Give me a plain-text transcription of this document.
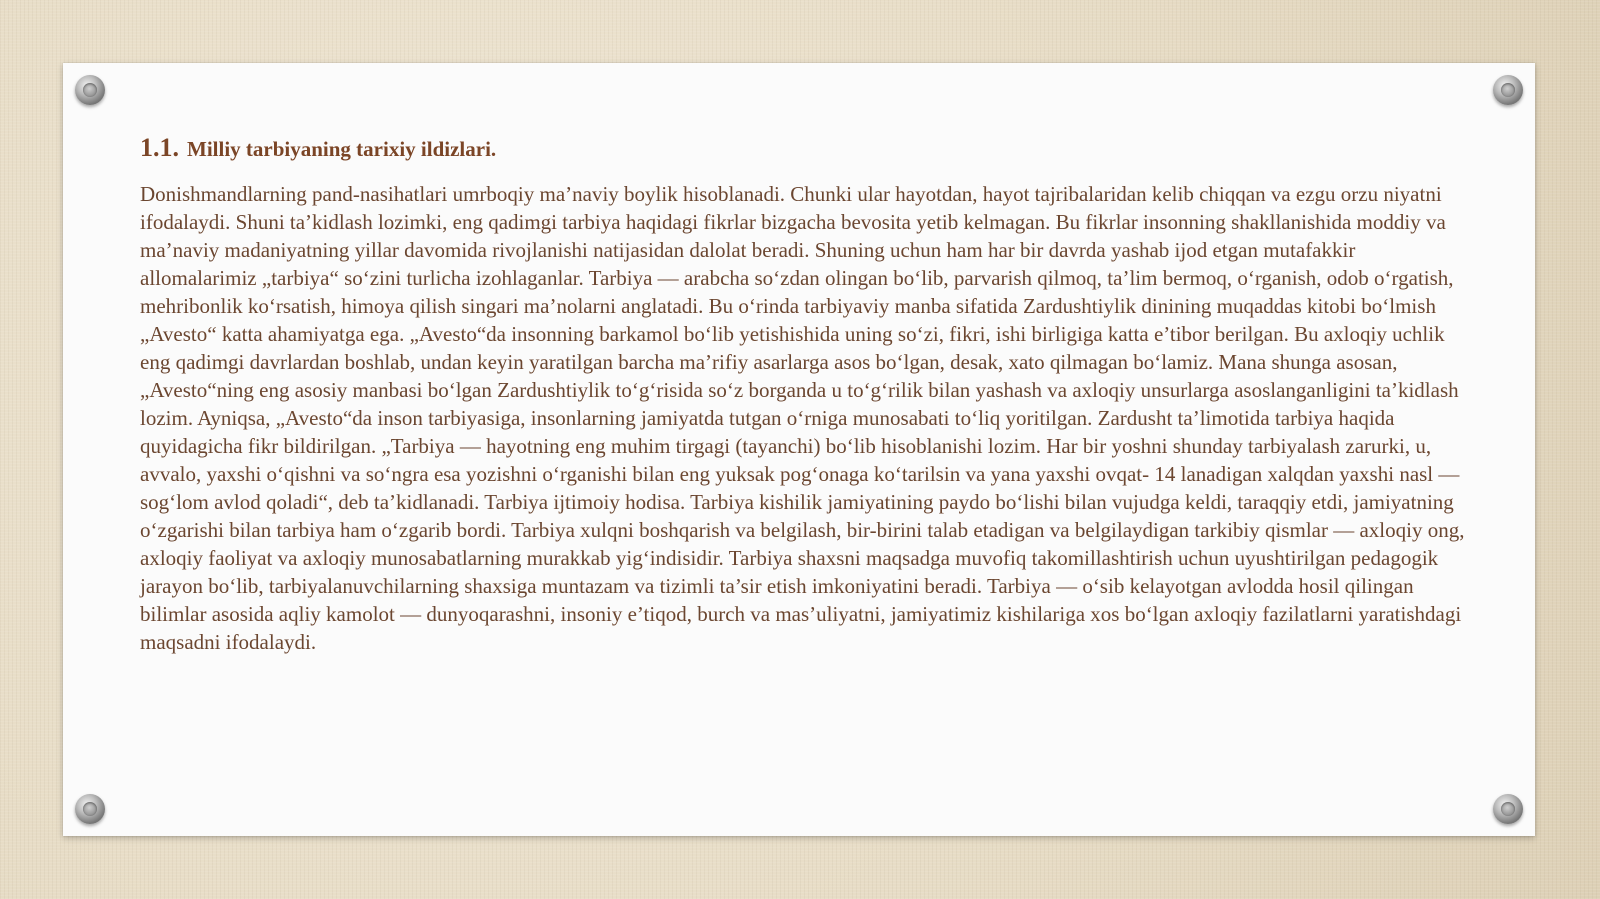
1.1. Milliy tarbiyaning tarixiy ildizlari.

Donishmandlarning pand-nasihatlari umrboqiy ma’naviy boylik hisoblanadi. Chunki ular hayotdan, hayot tajribalaridan kelib chiqqan va ezgu orzu niyatni ifodalaydi. Shuni ta’kidlash lozimki, eng qadimgi tarbiya haqidagi fikrlar bizgacha bevosita yetib kelmagan. Bu fikrlar insonning shakllanishida moddiy va ma’naviy madaniyatning yillar davomida rivojlanishi natijasidan dalolat beradi. Shuning uchun ham har bir davrda yashab ijod etgan mutafakkir allomalarimiz „tarbiya“ so‘zini turlicha izohlaganlar. Tarbiya — arabcha so‘zdan olingan bo‘lib, parvarish qilmoq, ta’lim bermoq, o‘rganish, odob o‘rgatish, mehribonlik ko‘rsatish, himoya qilish singari ma’nolarni anglatadi. Bu o‘rinda tarbiyaviy manba sifatida Zardushtiylik dinining muqaddas kitobi bo‘lmish „Avesto“ katta ahamiyatga ega. „Avesto“da insonning barkamol bo‘lib yetishishida uning so‘zi, fikri, ishi birligiga katta e’tibor berilgan. Bu axloqiy uchlik eng qadimgi davrlardan boshlab, undan keyin yaratilgan barcha ma’rifiy asarlarga asos bo‘lgan, desak, xato qilmagan bo‘lamiz. Mana shunga asosan, „Avesto“ning eng asosiy manbasi bo‘lgan Zardushtiylik to‘g‘risida so‘z borganda u to‘g‘rilik bilan yashash va axloqiy unsurlarga asoslanganligini ta’kidlash lozim. Ayniqsa, „Avesto“da inson tarbiyasiga, insonlarning jamiyatda tutgan o‘rniga munosabati to‘liq yoritilgan. Zardusht ta’limotida tarbiya haqida quyidagicha fikr bildirilgan. „Tarbiya — hayotning eng muhim tirgagi (tayanchi) bo‘lib hisoblanishi lozim. Har bir yoshni shunday tarbiyalash zarurki, u, avvalo, yaxshi o‘qishni va so‘ngra esa yozishni o‘rganishi bilan eng yuksak pog‘onaga ko‘tarilsin va yana yaxshi ovqat- 14 lanadigan xalqdan yaxshi nasl — sog‘lom avlod qoladi“, deb ta’kidlanadi. Tarbiya ijtimoiy hodisa. Tarbiya kishilik jamiyatining paydo bo‘lishi bilan vujudga keldi, taraqqiy etdi, jamiyatning o‘zgarishi bilan tarbiya ham o‘zgarib bordi. Tarbiya xulqni boshqarish va belgilash, bir-birini talab etadigan va belgilaydigan tarkibiy qismlar — axloqiy ong, axloqiy faoliyat va axloqiy munosabatlarning murakkab yig‘indisidir. Tarbiya shaxsni maqsadga muvofiq takomillashtirish uchun uyushtirilgan pedagogik jarayon bo‘lib, tarbiyalanuvchilarning shaxsiga muntazam va tizimli ta’sir etish imkoniyatini beradi. Tarbiya — o‘sib kelayotgan avlodda hosil qilingan bilimlar asosida aqliy kamolot — dunyoqarashni, insoniy e’tiqod, burch va mas’uliyatni, jamiyatimiz kishilariga xos bo‘lgan axloqiy fazilatlarni yaratishdagi maqsadni ifodalaydi.
